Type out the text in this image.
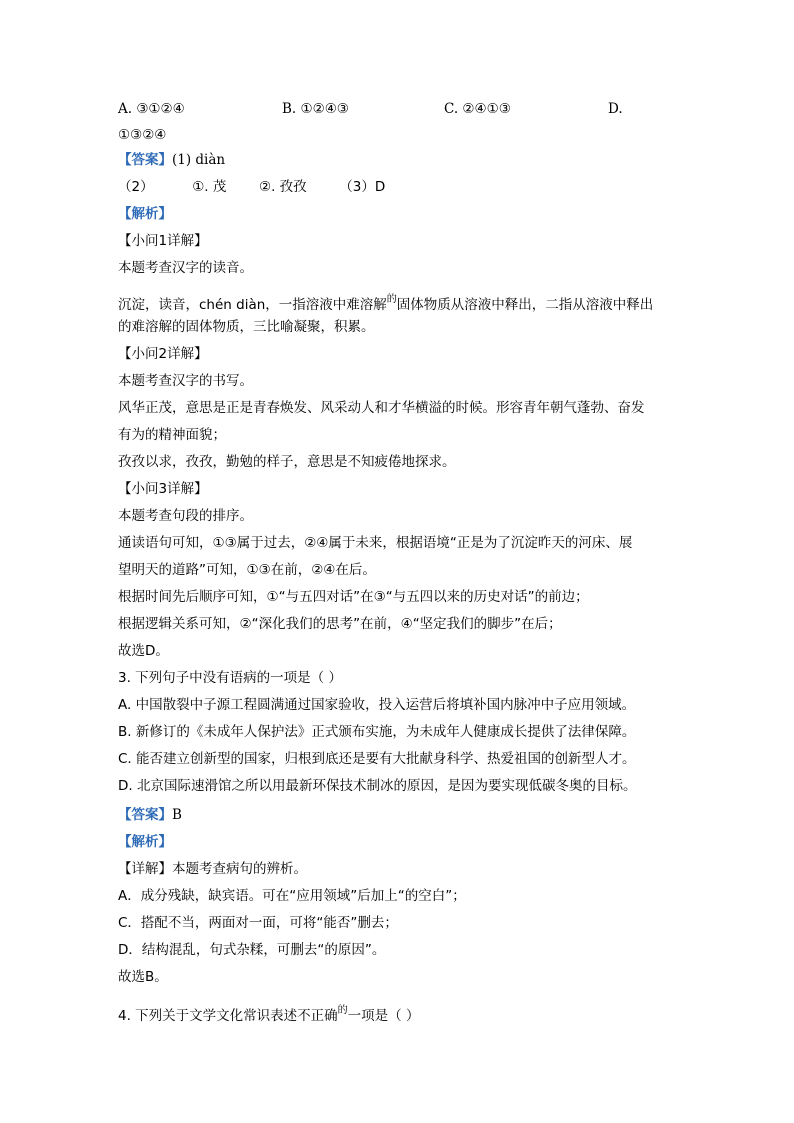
A. ③①②④	B. ①②④③	C. ②④①③	D.
①③②④
【答案】(1) diàn
（2）	①. 茂 ②. 孜孜 （3）D
【解析】
【小问1详解】
本题考查汉字的读音。
沉淀，读音，chén diàn，一指溶液中难溶解$^的$固体物质从溶液中释出，二指从溶液中释出
的难溶解的固体物质，三比喻凝聚，积累。
【小问2详解】
本题考查汉字的书写。
风华正茂，意思是正是青春焕发、风采动人和才华横溢的时候。形容青年朝气蓬勃、奋发
有为的精神面貌；
孜孜以求，孜孜，勤勉的样子，意思是不知疲倦地探求。
【小问3详解】
本题考查句段的排序。
通读语句可知，①③属于过去，②④属于未来，根据语境“正是为了沉淀昨天的河床、展
望明天的道路”可知，①③在前，②④在后。
根据时间先后顺序可知，①“与五四对话”在③“与五四以来的历史对话”的前边；
根据逻辑关系可知，②“深化我们的思考”在前，④“坚定我们的脚步”在后；
故选D。
3. 下列句子中没有语病的一项是（ ）
A. 中国散裂中子源工程圆满通过国家验收，投入运营后将填补国内脉冲中子应用领域。
B. 新修订的《未成年人保护法》正式颁布实施，为未成年人健康成长提供了法律保障。
C. 能否建立创新型的国家，归根到底还是要有大批献身科学、热爱祖国的创新型人才。
D. 北京国际速滑馆之所以用最新环保技术制冰的原因，是因为要实现低碳冬奥的目标。
【答案】B
【解析】
【详解】本题考查病句的辨析。
A．成分残缺，缺宾语。可在“应用领域”后加上“的空白”；
C．搭配不当，两面对一面，可将“能否”删去；
D．结构混乱，句式杂糅，可删去“的原因”。
故选B。
4. 下列关于文学文化常识表述不正确$^的$一项是（ ）
